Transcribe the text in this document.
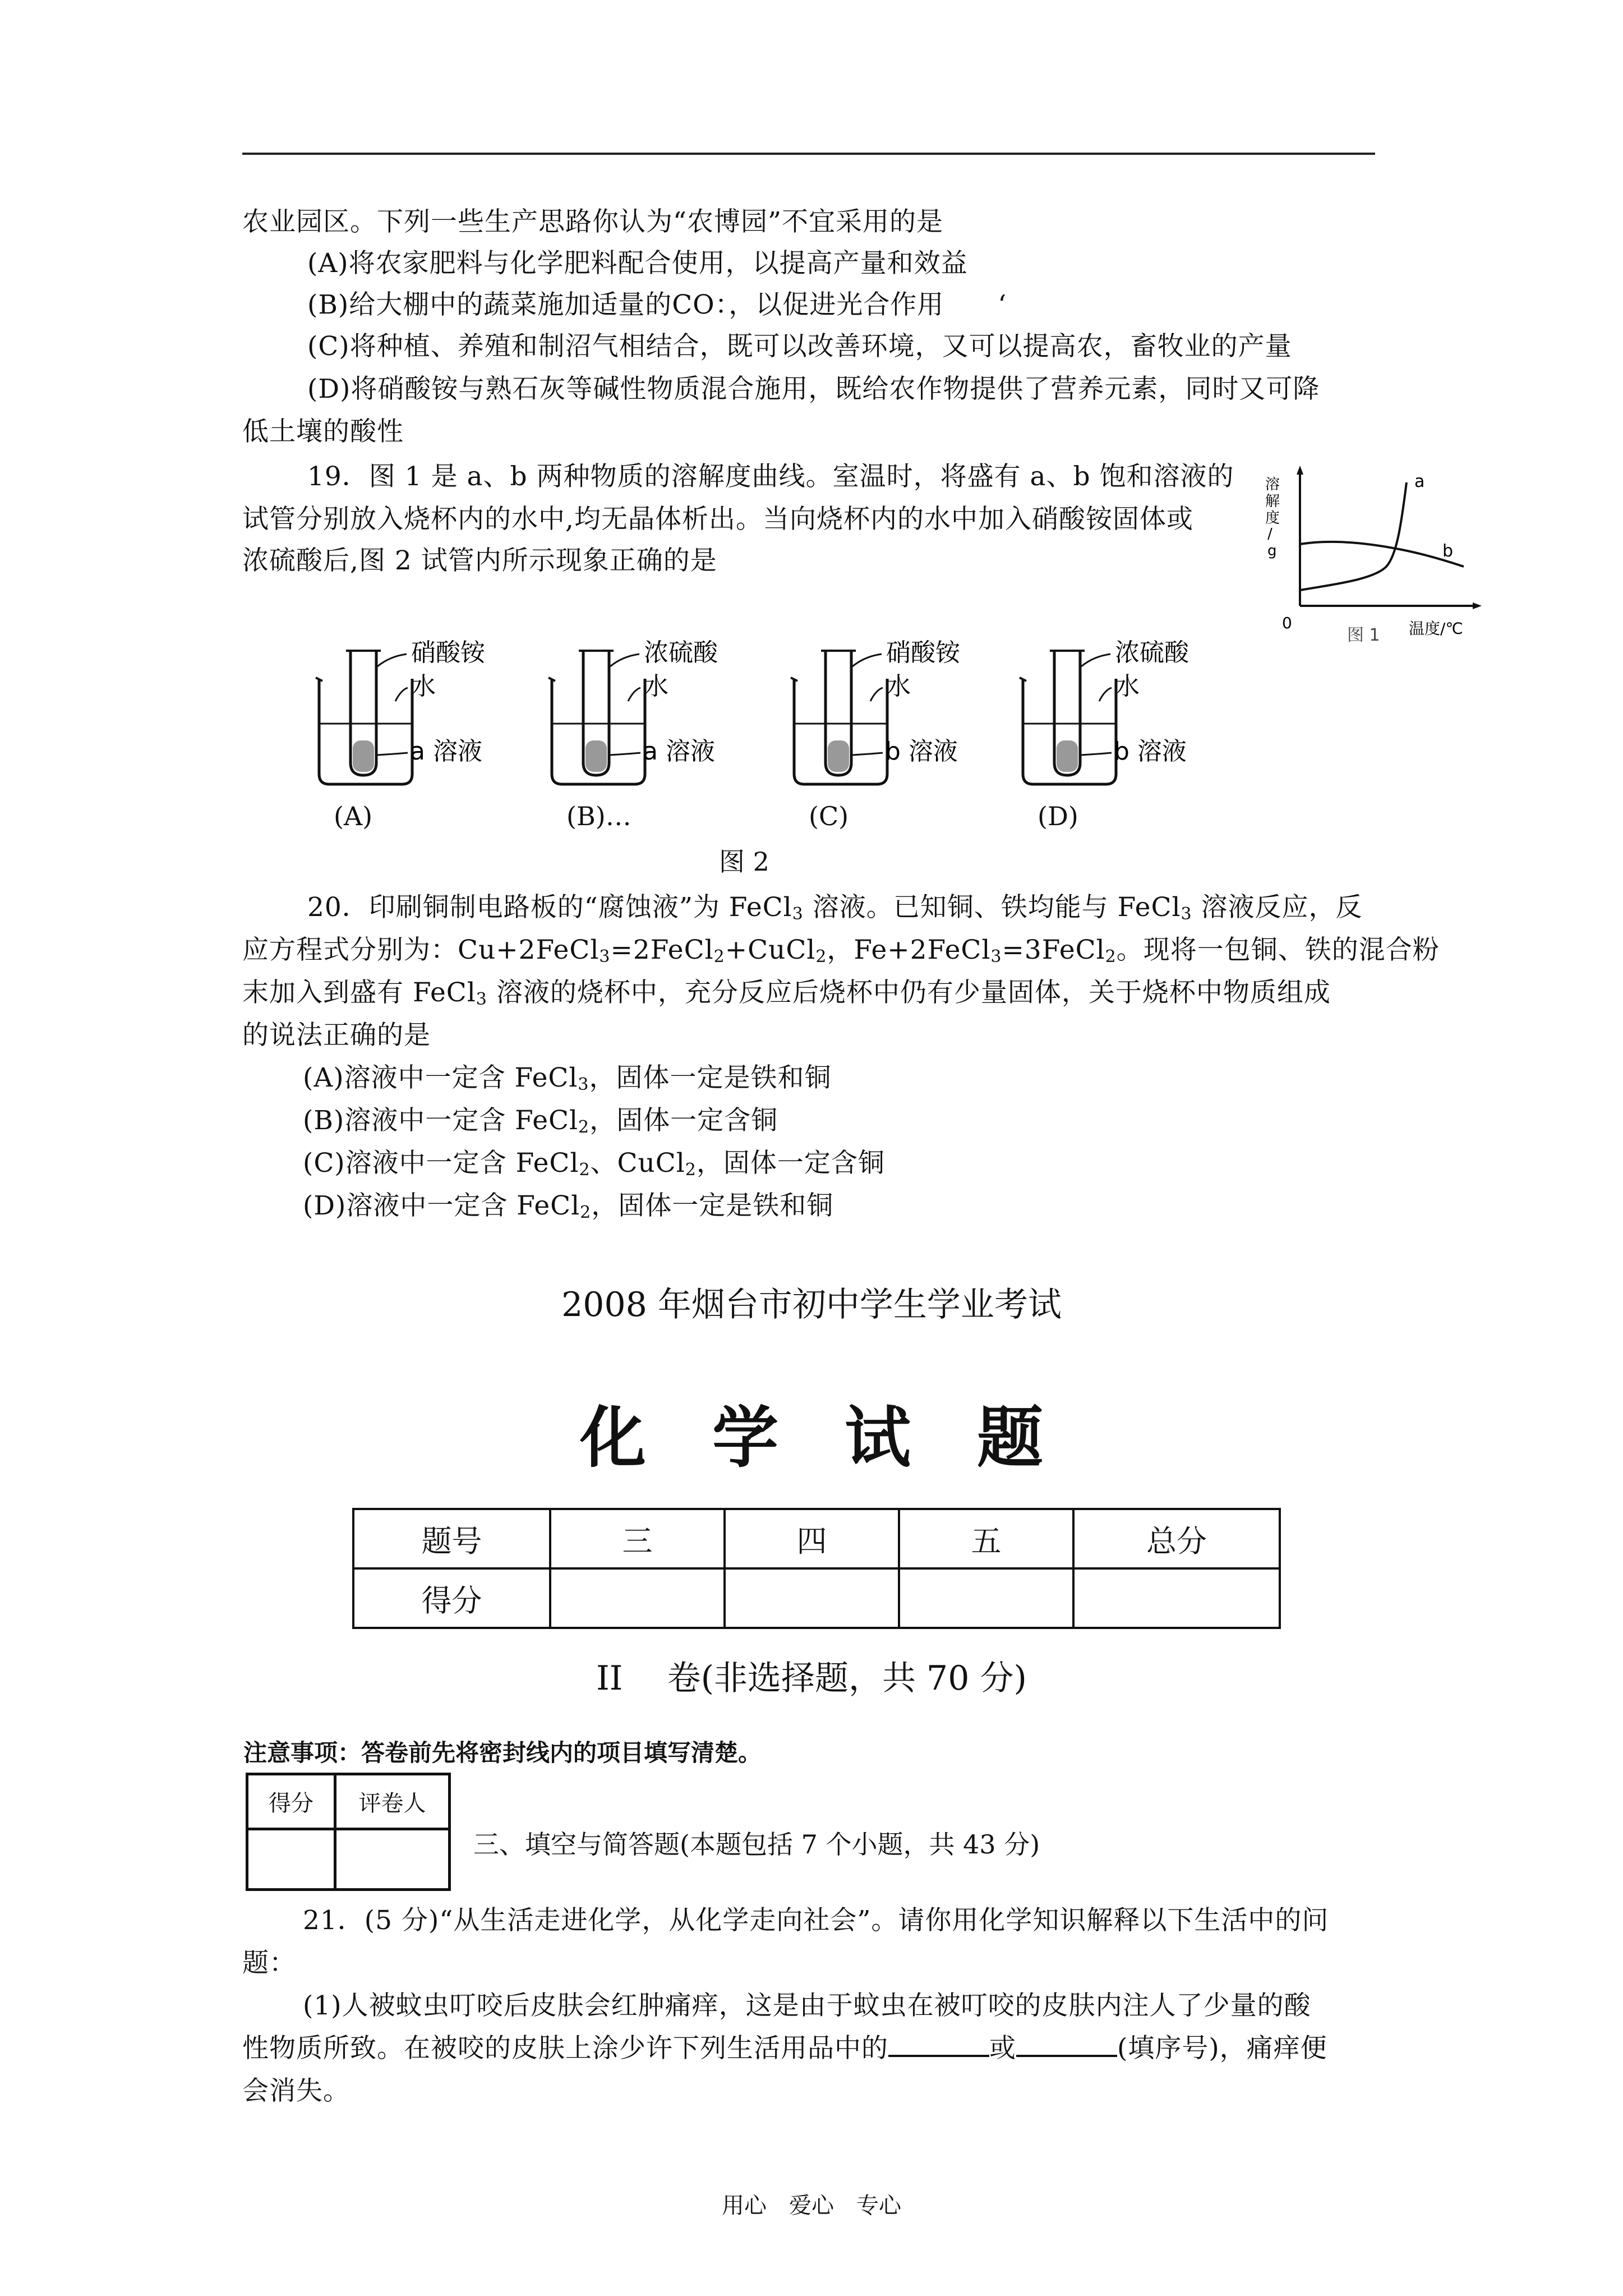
农业园区。下列一些生产思路你认为“农博园”不宜采用的是
(A)将农家肥料与化学肥料配合使用，以提高产量和效益
(B)给大棚中的蔬菜施加适量的CO：，以促进光合作用　　‘
(C)将种植、养殖和制沼气相结合，既可以改善环境，又可以提高农，畜牧业的产量
(D)将硝酸铵与熟石灰等碱性物质混合施用，既给农作物提供了营养元素，同时又可降
低土壤的酸性
19．图 1 是 a、b 两种物质的溶解度曲线。室温时，将盛有 a、b 饱和溶液的
试管分别放入烧杯内的水中,均无晶体析出。当向烧杯内的水中加入硝酸铵固体或
浓硫酸后,图 2 试管内所示现象正确的是
a
b
溶
解
度
/
g
0
图 1 温度/℃
硝酸铵
水
a 溶液
(A)
浓硫酸
水
a 溶液
(B)…
硝酸铵
水
b 溶液
(C)
浓硫酸
水
b 溶液
(D)
图 2
20．印刷铜制电路板的“腐蚀液”为 FeCl$_3$ 溶液。已知铜、铁均能与 FeCl$_3$ 溶液反应，反
应方程式分别为：Cu+2FeCl$_3$=2FeCl$_2$+CuCl$_2$，Fe+2FeCl$_3$=3FeCl$_2$。现将一包铜、铁的混合粉
末加入到盛有 FeCl$_3$ 溶液的烧杯中，充分反应后烧杯中仍有少量固体，关于烧杯中物质组成
的说法正确的是
(A)溶液中一定含 FeCl$_3$，固体一定是铁和铜
(B)溶液中一定含 FeCl$_2$，固体一定含铜
(C)溶液中一定含 FeCl$_2$、CuCl$_2$，固体一定含铜
(D)溶液中一定含 FeCl$_2$，固体一定是铁和铜
2008 年烟台市初中学生学业考试
化　学　试　题
题号	三	四	五	总分
得分				
II　 卷(非选择题，共 70 分)
注意事项：答卷前先将密封线内的项目填写清楚。
得分	评卷人

三、填空与简答题(本题包括 7 个小题，共 43 分)
21．(5 分)“从生活走进化学，从化学走向社会”。请你用化学知识解释以下生活中的问
题：
(1)人被蚊虫叮咬后皮肤会红肿痛痒，这是由于蚊虫在被叮咬的皮肤内注人了少量的酸
性物质所致。在被咬的皮肤上涂少许下列生活用品中的	或	(填序号)，痛痒便
会消失。
用心　爱心　专心
